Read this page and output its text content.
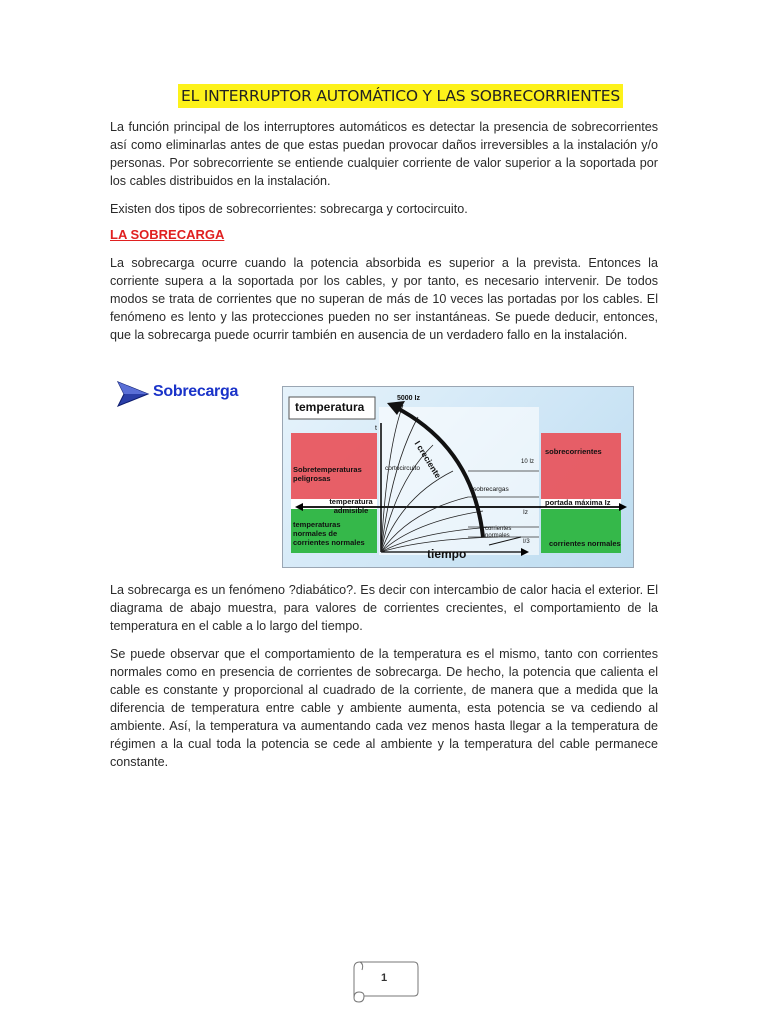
EL INTERRUPTOR AUTOMÁTICO Y LAS SOBRECORRIENTES

La función principal de los interruptores automáticos es detectar la presencia de sobrecorrientes así como eliminarlas antes de que estas puedan provocar daños irreversibles a la instalación y/o personas. Por sobrecorriente se entiende cualquier corriente de valor superior a la soportada por los cables distribuidos en la instalación.

Existen dos tipos de sobrecorrientes: sobrecarga y cortocircuito.

LA SOBRECARGA

La sobrecarga ocurre cuando la potencia absorbida es superior a la prevista. Entonces la corriente supera a la soportada por los cables, y por tanto, es necesario intervenir. De todos modos se trata de corrientes que no superan de más de 10 veces las portadas por los cables. El fenómeno es lento y las protecciones pueden no ser instantáneas. Se puede deducir, entonces, que la sobrecarga puede ocurrir también en ausencia de un verdadero fallo en la instalación.

Sobrecarga
temperatura
5000 Iz
t
I creciente
Sobretemperaturas peligrosas
temperatura admisible
temperaturas normales de corrientes normales
cortocircuito
10 Iz
sobrecargas
Iz
corrientes normales
I/3
tiempo
sobrecorrientes
portada máxima Iz
corrientes normales

La sobrecarga es un fenómeno ?diabático?. Es decir con intercambio de calor hacia el exterior. El diagrama de abajo muestra, para valores de corrientes crecientes, el comportamiento de la temperatura en el cable a lo largo del tiempo.

Se puede observar que el comportamiento de la temperatura es el mismo, tanto con corrientes normales como en presencia de corrientes de sobrecarga. De hecho, la potencia que calienta el cable es constante y proporcional al cuadrado de la corriente, de manera que a medida que la diferencia de temperatura entre cable y ambiente aumenta, esta potencia se va cediendo al ambiente. Así, la temperatura va aumentando cada vez menos hasta llegar a la temperatura de régimen a la cual toda la potencia se cede al ambiente y la temperatura del cable permanece constante.

1
